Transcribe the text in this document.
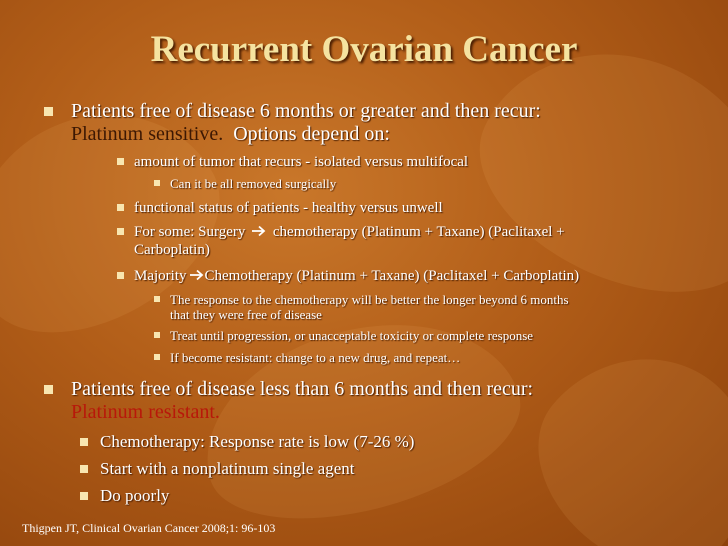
Recurrent Ovarian Cancer
Patients free of disease 6 months or greater and then recur:
Platinum sensitive. Options depend on:
amount of tumor that recurs - isolated versus multifocal
Can it be all removed surgically
functional status of patients - healthy versus unwell
For some: Surgery chemotherapy (Platinum + Taxane) (Paclitaxel +
Carboplatin)
Majority Chemotherapy (Platinum + Taxane) (Paclitaxel + Carboplatin)
The response to the chemotherapy will be better the longer beyond 6 months
that they were free of disease
Treat until progression, or unacceptable toxicity or complete response
If become resistant: change to a new drug, and repeat…
Patients free of disease less than 6 months and then recur:
Platinum resistant.
Chemotherapy: Response rate is low (7-26 %)
Start with a nonplatinum single agent
Do poorly
Thigpen JT, Clinical Ovarian Cancer 2008;1: 96-103
